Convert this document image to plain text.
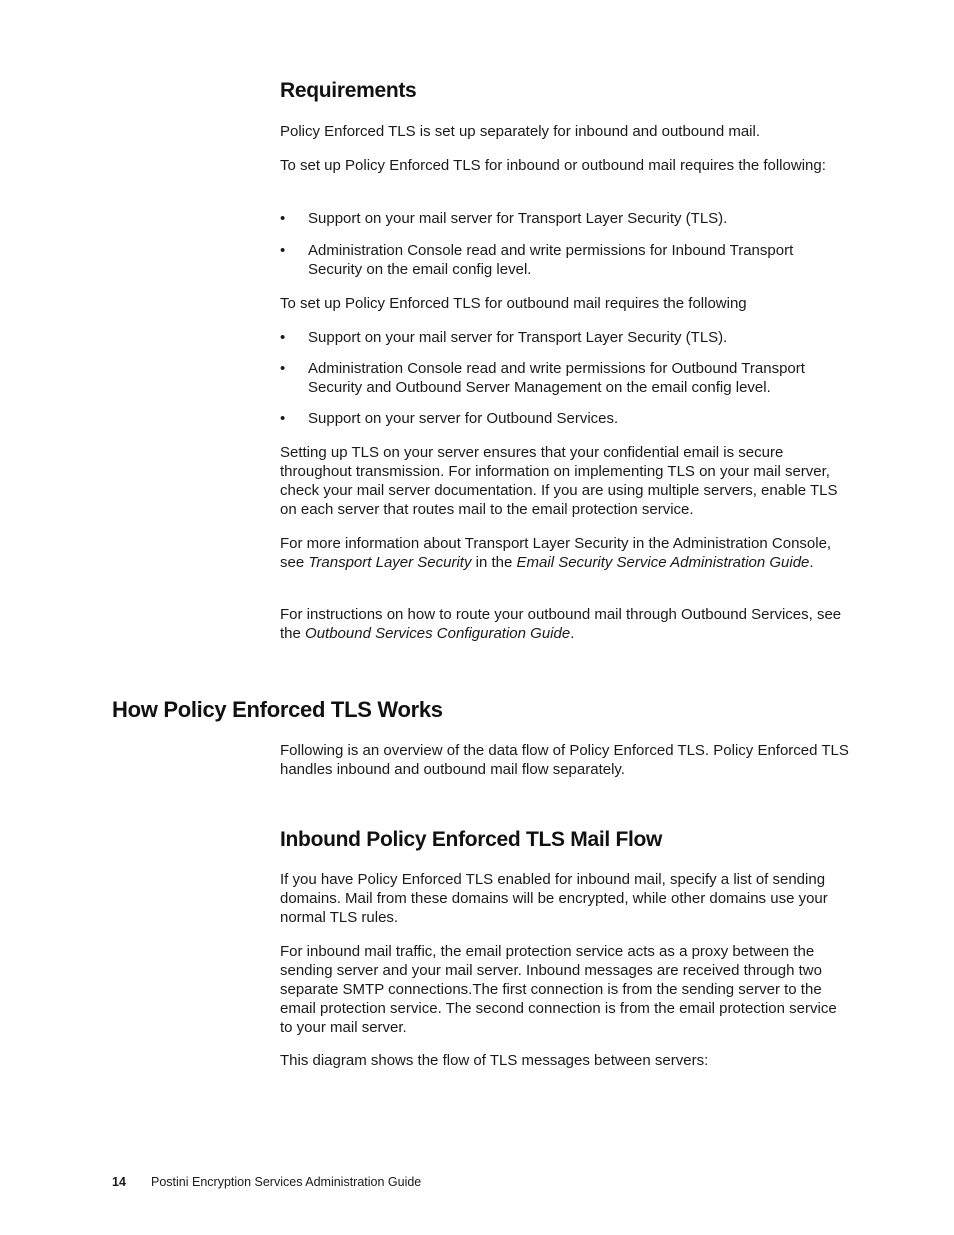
Requirements
Policy Enforced TLS is set up separately for inbound and outbound mail.
To set up Policy Enforced TLS for inbound or outbound mail requires the following:
• Support on your mail server for Transport Layer Security (TLS).
• Administration Console read and write permissions for Inbound Transport Security on the email config level.
To set up Policy Enforced TLS for outbound mail requires the following
• Support on your mail server for Transport Layer Security (TLS).
• Administration Console read and write permissions for Outbound Transport Security and Outbound Server Management on the email config level.
• Support on your server for Outbound Services.
Setting up TLS on your server ensures that your confidential email is secure throughout transmission. For information on implementing TLS on your mail server, check your mail server documentation. If you are using multiple servers, enable TLS on each server that routes mail to the email protection service.
For more information about Transport Layer Security in the Administration Console, see Transport Layer Security in the Email Security Service Administration Guide.
For instructions on how to route your outbound mail through Outbound Services, see the Outbound Services Configuration Guide.
How Policy Enforced TLS Works
Following is an overview of the data flow of Policy Enforced TLS. Policy Enforced TLS handles inbound and outbound mail flow separately.
Inbound Policy Enforced TLS Mail Flow
If you have Policy Enforced TLS enabled for inbound mail, specify a list of sending domains. Mail from these domains will be encrypted, while other domains use your normal TLS rules.
For inbound mail traffic, the email protection service acts as a proxy between the sending server and your mail server. Inbound messages are received through two separate SMTP connections.The first connection is from the sending server to the email protection service. The second connection is from the email protection service to your mail server.
This diagram shows the flow of TLS messages between servers:
14 Postini Encryption Services Administration Guide
